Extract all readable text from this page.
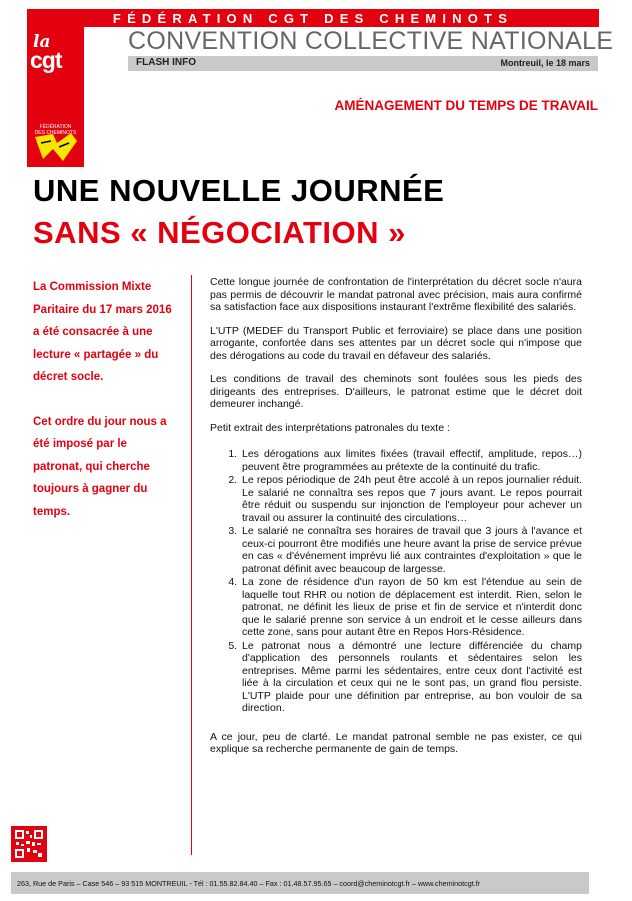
FÉDÉRATION CGT DES CHEMINOTS
la
cgt
FÉDÉRATION
DES CHEMINOTS
CONVENTION COLLECTIVE NATIONALE
FLASH INFO	Montreuil, le 18 mars
AMÉNAGEMENT DU TEMPS DE TRAVAIL
UNE NOUVELLE JOURNÉE
SANS « NÉGOCIATION »

La Commission Mixte Paritaire du 17 mars 2016 a été consacrée à une lecture « partagée » du décret socle.

Cet ordre du jour nous a été imposé par le patronat, qui cherche toujours à gagner du temps.

Cette longue journée de confrontation de l'interprétation du décret socle n'aura pas permis de découvrir le mandat patronal avec précision, mais aura confirmé sa satisfaction face aux dispositions instaurant l'extrême flexibilité des salariés.

L'UTP (MEDEF du Transport Public et ferroviaire) se place dans une position arrogante, confortée dans ses attentes par un décret socle qui n'impose que des dérogations au code du travail en défaveur des salariés.

Les conditions de travail des cheminots sont foulées sous les pieds des dirigeants des entreprises. D'ailleurs, le patronat estime que le décret doit demeurer inchangé.

Petit extrait des interprétations patronales du texte :

1. Les dérogations aux limites fixées (travail effectif, amplitude, repos…) peuvent être programmées au prétexte de la continuité du trafic.
2. Le repos périodique de 24h peut être accolé à un repos journalier réduit. Le salarié ne connaîtra ses repos que 7 jours avant. Le repos pourrait être réduit ou suspendu sur injonction de l'employeur pour achever un travail ou assurer la continuité des circulations…
3. Le salarié ne connaîtra ses horaires de travail que 3 jours à l'avance et ceux-ci pourront être modifiés une heure avant la prise de service prévue en cas « d'événement imprévu lié aux contraintes d'exploitation » que le patronat définit avec beaucoup de largesse.
4. La zone de résidence d'un rayon de 50 km est l'étendue au sein de laquelle tout RHR ou notion de déplacement est interdit. Rien, selon le patronat, ne définit les lieux de prise et fin de service et n'interdit donc que le salarié prenne son service à un endroit et le cesse ailleurs dans cette zone, sans pour autant être en Repos Hors-Résidence.
5. Le patronat nous a démontré une lecture différenciée du champ d'application des personnels roulants et sédentaires selon les entreprises. Même parmi les sédentaires, entre ceux dont l'activité est liée à la circulation et ceux qui ne le sont pas, un grand flou persiste. L'UTP plaide pour une définition par entreprise, au bon vouloir de sa direction.

A ce jour, peu de clarté. Le mandat patronal semble ne pas exister, ce qui explique sa recherche permanente de gain de temps.

263, Rue de Paris – Case 546 – 93 515 MONTREUIL - Tél : 01.55.82.84.40 – Fax : 01.48.57.95.65 – coord@cheminotcgt.fr – www.cheminotcgt.fr
